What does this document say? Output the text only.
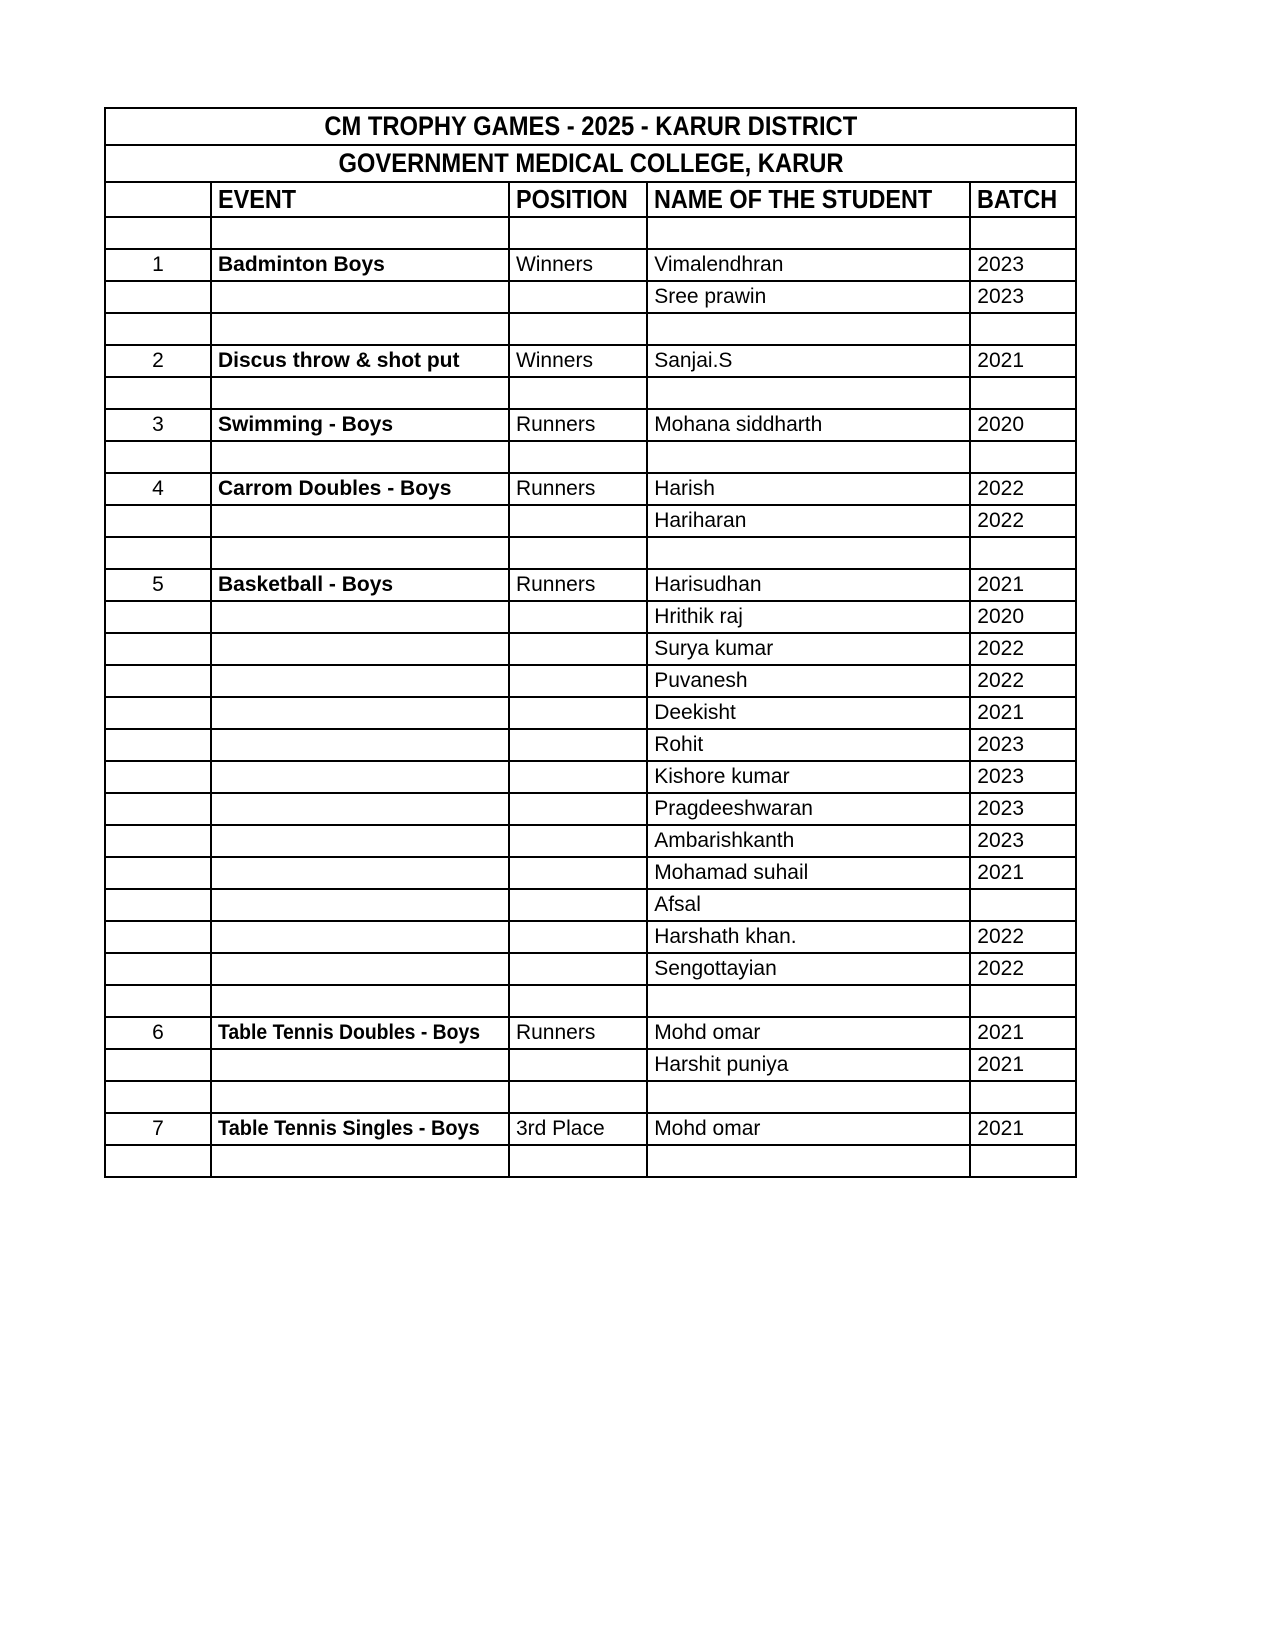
CM TROPHY GAMES - 2025 - KARUR DISTRICT				
GOVERNMENT MEDICAL COLLEGE, KARUR				
	EVENT	POSITION	NAME OF THE STUDENT	BATCH

1	Badminton Boys	Winners	Vimalendhran	2023
			Sree prawin	2023

2	Discus throw & shot put	Winners	Sanjai.S	2021

3	Swimming - Boys	Runners	Mohana siddharth	2020

4	Carrom Doubles - Boys	Runners	Harish	2022
			Hariharan	2022

5	Basketball - Boys	Runners	Harisudhan	2021
			Hrithik raj	2020
			Surya kumar	2022
			Puvanesh	2022
			Deekisht	2021
			Rohit	2023
			Kishore kumar	2023
			Pragdeeshwaran	2023
			Ambarishkanth	2023
			Mohamad suhail	2021
			Afsal	
			Harshath khan.	2022
			Sengottayian	2022

6	Table Tennis Doubles - Boys	Runners	Mohd omar	2021
			Harshit puniya	2021

7	Table Tennis Singles - Boys	3rd Place	Mohd omar	2021
